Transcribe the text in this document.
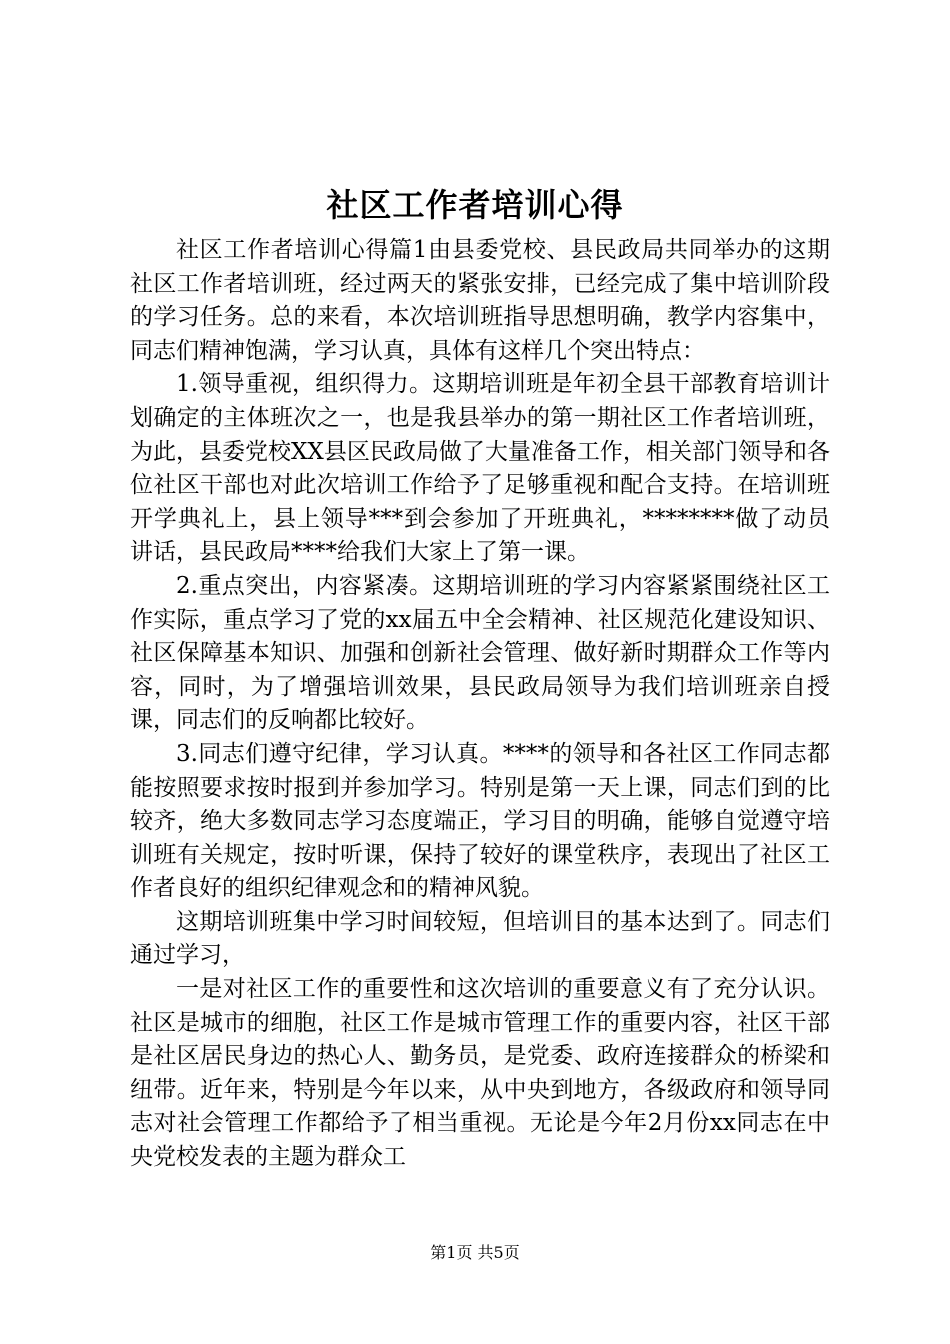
社区工作者培训心得

社区工作者培训心得篇1由县委党校、县民政局共同举办的这期社区工作者培训班，经过两天的紧张安排，已经完成了集中培训阶段的学习任务。总的来看，本次培训班指导思想明确，教学内容集中，同志们精神饱满，学习认真，具体有这样几个突出特点：

1.领导重视，组织得力。这期培训班是年初全县干部教育培训计划确定的主体班次之一，也是我县举办的第一期社区工作者培训班，为此，县委党校XX县区民政局做了大量准备工作，相关部门领导和各位社区干部也对此次培训工作给予了足够重视和配合支持。在培训班开学典礼上，县上领导***到会参加了开班典礼，********做了动员讲话，县民政局****给我们大家上了第一课。

2.重点突出，内容紧凑。这期培训班的学习内容紧紧围绕社区工作实际，重点学习了党的xx届五中全会精神、社区规范化建设知识、社区保障基本知识、加强和创新社会管理、做好新时期群众工作等内容，同时，为了增强培训效果，县民政局领导为我们培训班亲自授课，同志们的反响都比较好。

3.同志们遵守纪律，学习认真。****的领导和各社区工作同志都能按照要求按时报到并参加学习。特别是第一天上课，同志们到的比较齐，绝大多数同志学习态度端正，学习目的明确，能够自觉遵守培训班有关规定，按时听课，保持了较好的课堂秩序，表现出了社区工作者良好的组织纪律观念和的精神风貌。

这期培训班集中学习时间较短，但培训目的基本达到了。同志们通过学习，

一是对社区工作的重要性和这次培训的重要意义有了充分认识。社区是城市的细胞，社区工作是城市管理工作的重要内容，社区干部是社区居民身边的热心人、勤务员，是党委、政府连接群众的桥梁和纽带。近年来，特别是今年以来，从中央到地方，各级政府和领导同志对社会管理工作都给予了相当重视。无论是今年2月份xx同志在中央党校发表的主题为群众工

第1页 共5页
